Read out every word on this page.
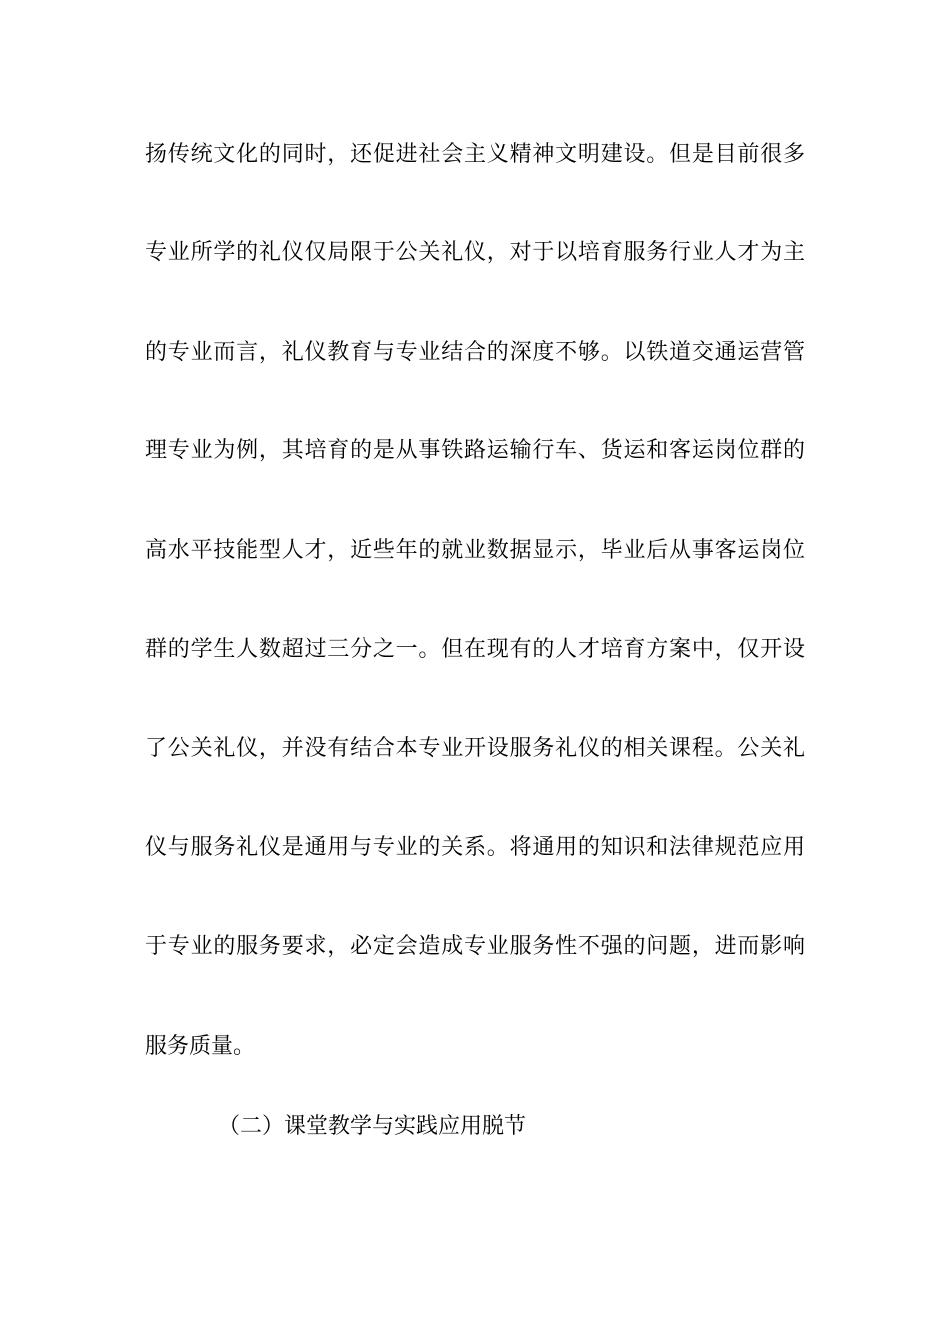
扬传统文化的同时，还促进社会主义精神文明建设。但是目前很多
专业所学的礼仪仅局限于公关礼仪，对于以培育服务行业人才为主
的专业而言，礼仪教育与专业结合的深度不够。以铁道交通运营管
理专业为例，其培育的是从事铁路运输行车、货运和客运岗位群的
高水平技能型人才，近些年的就业数据显示，毕业后从事客运岗位
群的学生人数超过三分之一。但在现有的人才培育方案中，仅开设
了公关礼仪，并没有结合本专业开设服务礼仪的相关课程。公关礼
仪与服务礼仪是通用与专业的关系。将通用的知识和法律规范应用
于专业的服务要求，必定会造成专业服务性不强的问题，进而影响
服务质量。
（二）课堂教学与实践应用脱节
